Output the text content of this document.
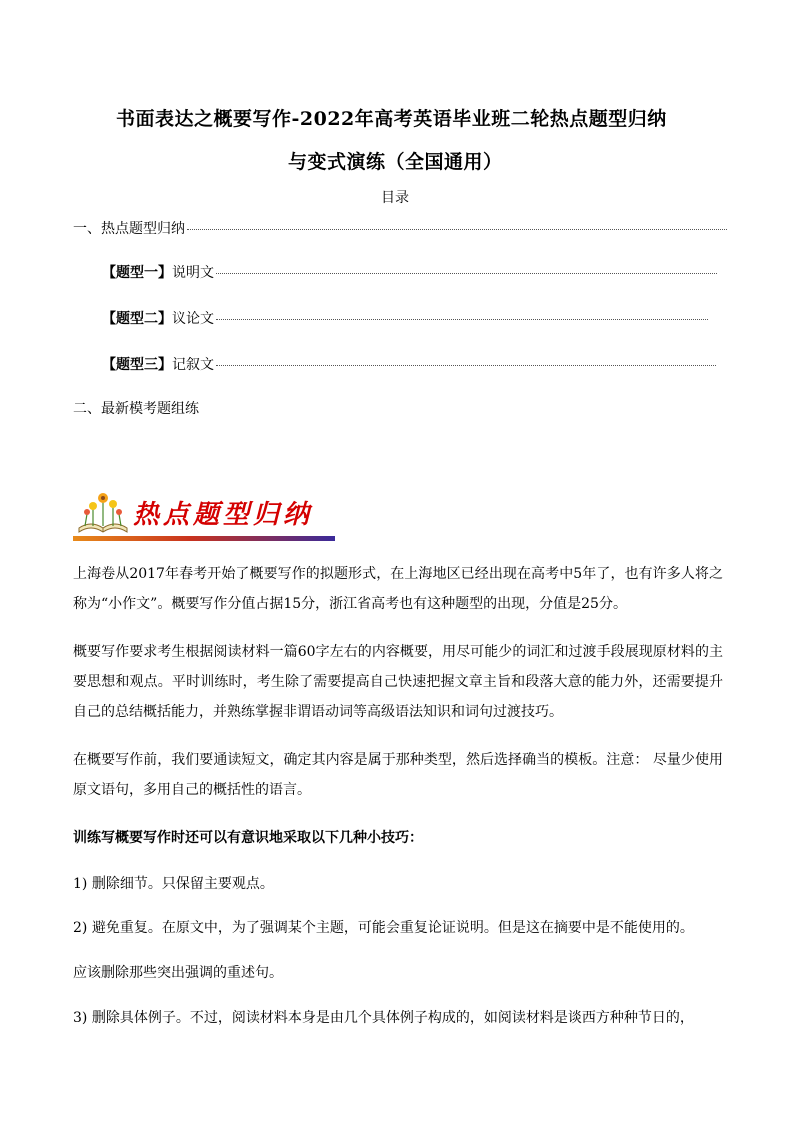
书面表达之概要写作-2022年高考英语毕业班二轮热点题型归纳
与变式演练（全国通用）
目录
一、热点题型归纳
【题型一】 说明文
【题型二】 议论文
【题型三】 记叙文
二、最新模考题组练
热点题型归纳
上海卷从2017年春考开始了概要写作的拟题形式，在上海地区已经出现在高考中5年了，也有许多人将之称为“小作文”。概要写作分值占据15分，浙江省高考也有这种题型的出现，分值是25分。
概要写作要求考生根据阅读材料一篇60字左右的内容概要，用尽可能少的词汇和过渡手段展现原材料的主要思想和观点。平时训练时，考生除了需要提高自己快速把握文章主旨和段落大意的能力外，还需要提升自己的总结概括能力，并熟练掌握非谓语动词等高级语法知识和词句过渡技巧。
在概要写作前，我们要通读短文，确定其内容是属于那种类型，然后选择确当的模板。注意： 尽量少使用原文语句，多用自己的概括性的语言。
训练写概要写作时还可以有意识地采取以下几种小技巧：
1) 删除细节。只保留主要观点。
2) 避免重复。在原文中，为了强调某个主题，可能会重复论证说明。但是这在摘要中是不能使用的。
应该删除那些突出强调的重述句。
3) 删除具体例子。不过，阅读材料本身是由几个具体例子构成的，如阅读材料是谈西方种种节日的，
